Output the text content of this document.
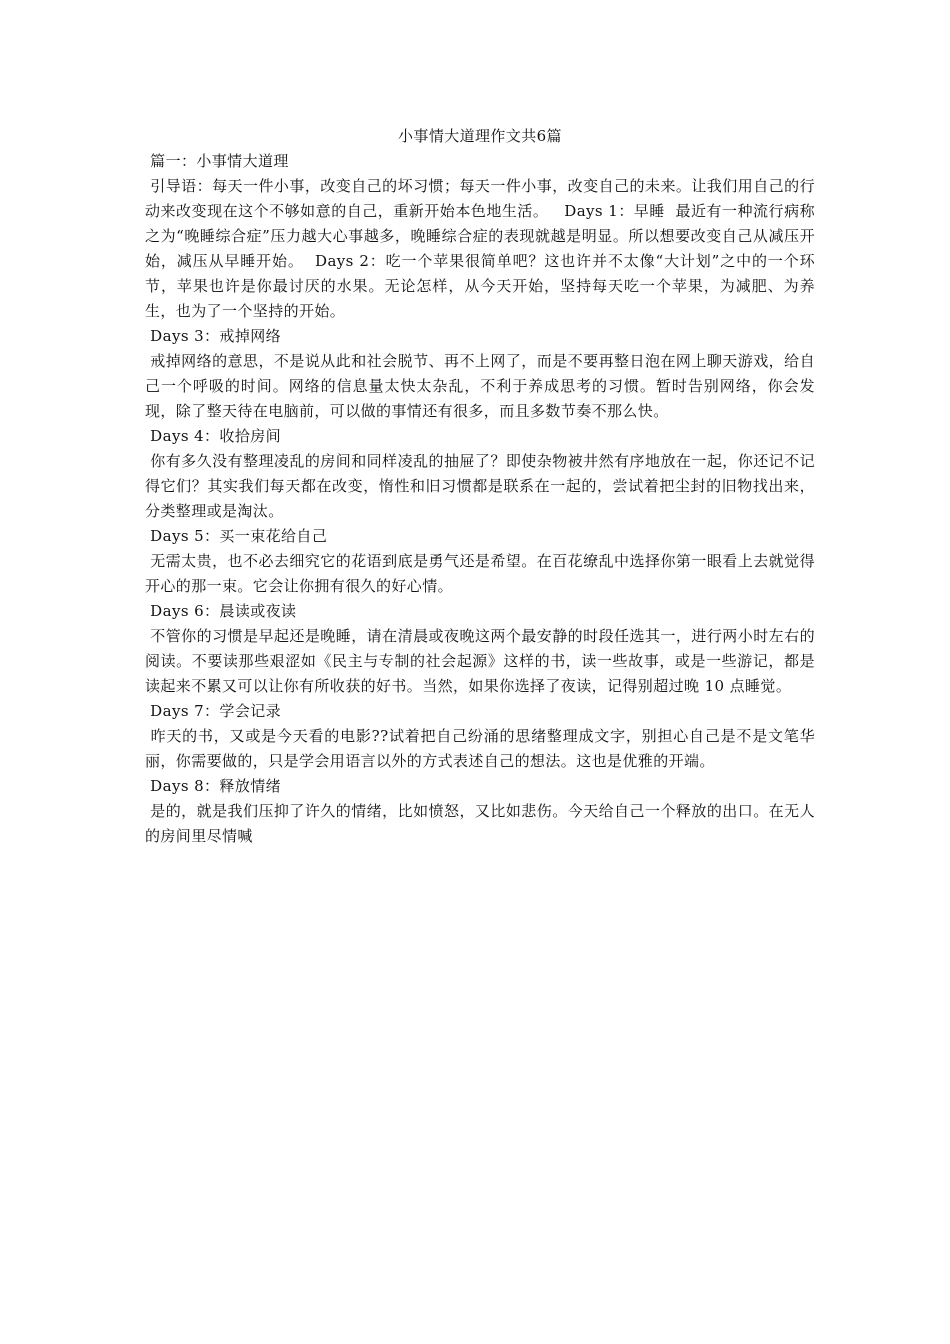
小事情大道理作文共6篇

篇一：小事情大道理

引导语：每天一件小事，改变自己的坏习惯；每天一件小事，改变自己的未来。让我们用自己的行动来改变现在这个不够如意的自己，重新开始本色地生活。   Days 1：早睡  最近有一种流行病称之为“晚睡综合症”压力越大心事越多，晚睡综合症的表现就越是明显。所以想要改变自己从减压开始，减压从早睡开始。  Days 2：吃一个苹果很简单吧？这也许并不太像“大计划”之中的一个环节，苹果也许是你最讨厌的水果。无论怎样，从今天开始，坚持每天吃一个苹果，为减肥、为养生，也为了一个坚持的开始。

Days 3：戒掉网络

戒掉网络的意思，不是说从此和社会脱节、再不上网了，而是不要再整日泡在网上聊天游戏，给自己一个呼吸的时间。网络的信息量太快太杂乱，不利于养成思考的习惯。暂时告别网络，你会发现，除了整天待在电脑前，可以做的事情还有很多，而且多数节奏不那么快。

Days 4：收拾房间

你有多久没有整理凌乱的房间和同样凌乱的抽屉了？即使杂物被井然有序地放在一起，你还记不记得它们？其实我们每天都在改变，惰性和旧习惯都是联系在一起的，尝试着把尘封的旧物找出来，分类整理或是淘汰。

Days 5：买一束花给自己

无需太贵，也不必去细究它的花语到底是勇气还是希望。在百花缭乱中选择你第一眼看上去就觉得开心的那一束。它会让你拥有很久的好心情。

Days 6：晨读或夜读

不管你的习惯是早起还是晚睡，请在清晨或夜晚这两个最安静的时段任选其一，进行两小时左右的阅读。不要读那些艰涩如《民主与专制的社会起源》这样的书，读一些故事，或是一些游记，都是读起来不累又可以让你有所收获的好书。当然，如果你选择了夜读，记得别超过晚 10 点睡觉。

Days 7：学会记录

昨天的书，又或是今天看的电影??试着把自己纷涌的思绪整理成文字，别担心自己是不是文笔华丽，你需要做的，只是学会用语言以外的方式表述自己的想法。这也是优雅的开端。

Days 8：释放情绪

是的，就是我们压抑了许久的情绪，比如愤怒，又比如悲伤。今天给自己一个释放的出口。在无人的房间里尽情喊
